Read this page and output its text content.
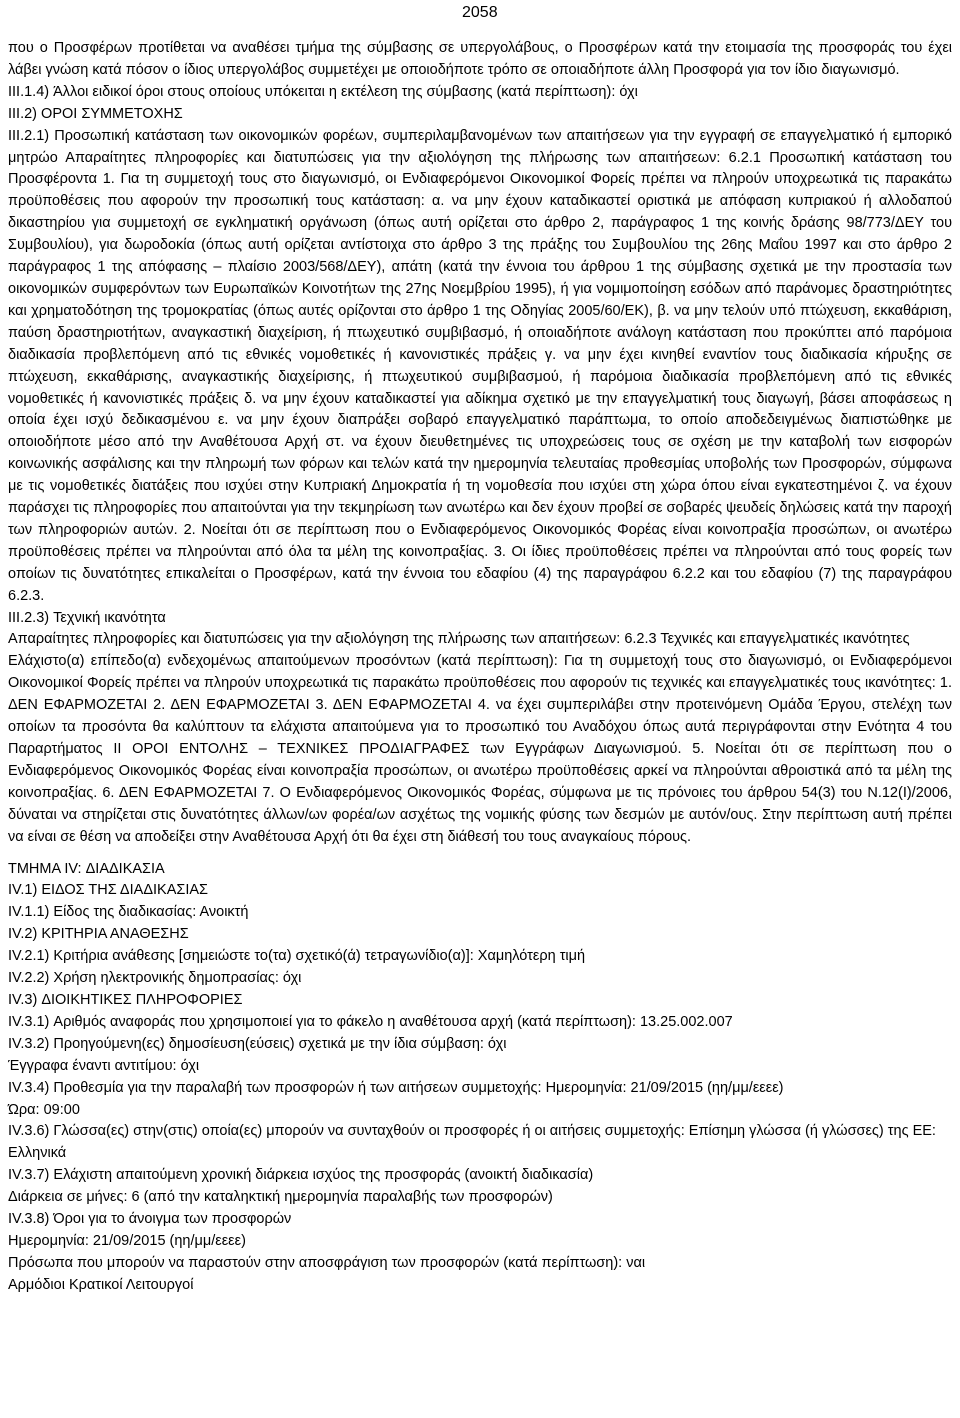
2058

που ο Προσφέρων προτίθεται να αναθέσει τμήμα της σύμβασης σε υπεργολάβους, ο Προσφέρων κατά την ετοιμασία της προσφοράς του έχει λάβει γνώση κατά πόσον ο ίδιος υπεργολάβος συμμετέχει με οποιοδήποτε τρόπο σε οποιαδήποτε άλλη Προσφορά για τον ίδιο διαγωνισμό.

III.1.4) Άλλοι ειδικοί όροι στους οποίους υπόκειται η εκτέλεση της σύμβασης (κατά περίπτωση): όχι

III.2) ΟΡΟΙ ΣΥΜΜΕΤΟΧΗΣ

III.2.1) Προσωπική κατάσταση των οικονομικών φορέων, συμπεριλαμβανομένων των απαιτήσεων για την εγγραφή σε επαγγελματικό ή εμπορικό μητρώο Απαραίτητες πληροφορίες και διατυπώσεις για την αξιολόγηση της πλήρωσης των απαιτήσεων: 6.2.1 Προσωπική κατάσταση του Προσφέροντα 1. Για τη συμμετοχή τους στο διαγωνισμό, οι Ενδιαφερόμενοι Οικονομικοί Φορείς πρέπει να πληρούν υποχρεωτικά τις παρακάτω προϋποθέσεις που αφορούν την προσωπική τους κατάσταση: α. να μην έχουν καταδικαστεί οριστικά με απόφαση κυπριακού ή αλλοδαπού δικαστηρίου για συμμετοχή σε εγκληματική οργάνωση (όπως αυτή ορίζεται στο άρθρο 2, παράγραφος 1 της κοινής δράσης 98/773/ΔΕΥ του Συμβουλίου), για δωροδοκία (όπως αυτή ορίζεται αντίστοιχα στο άρθρο 3 της πράξης του Συμβουλίου της 26ης Μαΐου 1997 και στο άρθρο 2 παράγραφος 1 της απόφασης – πλαίσιο 2003/568/ΔΕΥ), απάτη (κατά την έννοια του άρθρου 1 της σύμβασης σχετικά με την προστασία των οικονομικών συμφερόντων των Ευρωπαϊκών Κοινοτήτων της 27ης Νοεμβρίου 1995), ή για νομιμοποίηση εσόδων από παράνομες δραστηριότητες και χρηματοδότηση της τρομοκρατίας (όπως αυτές ορίζονται στο άρθρο 1 της Οδηγίας 2005/60/ΕΚ), β. να μην τελούν υπό πτώχευση, εκκαθάριση, παύση δραστηριοτήτων, αναγκαστική διαχείριση, ή πτωχευτικό συμβιβασμό, ή οποιαδήποτε ανάλογη κατάσταση που προκύπτει από παρόμοια διαδικασία προβλεπόμενη από τις εθνικές νομοθετικές ή κανονιστικές πράξεις γ. να μην έχει κινηθεί εναντίον τους διαδικασία κήρυξης σε πτώχευση, εκκαθάρισης, αναγκαστικής διαχείρισης, ή πτωχευτικού συμβιβασμού, ή παρόμοια διαδικασία προβλεπόμενη από τις εθνικές νομοθετικές ή κανονιστικές πράξεις δ. να μην έχουν καταδικαστεί για αδίκημα σχετικό με την επαγγελματική τους διαγωγή, βάσει αποφάσεως η οποία έχει ισχύ δεδικασμένου ε. να μην έχουν διαπράξει σοβαρό επαγγελματικό παράπτωμα, το οποίο αποδεδειγμένως διαπιστώθηκε με οποιοδήποτε μέσο από την Αναθέτουσα Αρχή στ. να έχουν διευθετημένες τις υποχρεώσεις τους σε σχέση με την καταβολή των εισφορών κοινωνικής ασφάλισης και την πληρωμή των φόρων και τελών κατά την ημερομηνία τελευταίας προθεσμίας υποβολής των Προσφορών, σύμφωνα με τις νομοθετικές διατάξεις που ισχύει στην Κυπριακή Δημοκρατία ή τη νομοθεσία που ισχύει στη χώρα όπου είναι εγκατεστημένοι ζ. να έχουν παράσχει τις πληροφορίες που απαιτούνται για την τεκμηρίωση των ανωτέρω και δεν έχουν προβεί σε σοβαρές ψευδείς δηλώσεις κατά την παροχή των πληροφοριών αυτών. 2. Νοείται ότι σε περίπτωση που ο Ενδιαφερόμενος Οικονομικός Φορέας είναι κοινοπραξία προσώπων, οι ανωτέρω προϋποθέσεις πρέπει να πληρούνται από όλα τα μέλη της κοινοπραξίας. 3. Οι ίδιες προϋποθέσεις πρέπει να πληρούνται από τους φορείς των οποίων τις δυνατότητες επικαλείται ο Προσφέρων, κατά την έννοια του εδαφίου (4) της παραγράφου 6.2.2 και του εδαφίου (7) της παραγράφου 6.2.3.

III.2.3) Τεχνική ικανότητα

Απαραίτητες πληροφορίες και διατυπώσεις για την αξιολόγηση της πλήρωσης των απαιτήσεων: 6.2.3 Τεχνικές και επαγγελματικές ικανότητες

Ελάχιστο(α) επίπεδο(α) ενδεχομένως απαιτούμενων προσόντων (κατά περίπτωση): Για τη συμμετοχή τους στο διαγωνισμό, οι Ενδιαφερόμενοι Οικονομικοί Φορείς πρέπει να πληρούν υποχρεωτικά τις παρακάτω προϋποθέσεις που αφορούν τις τεχνικές και επαγγελματικές τους ικανότητες: 1. ΔΕΝ ΕΦΑΡΜΟΖΕΤΑΙ 2. ΔΕΝ ΕΦΑΡΜΟΖΕΤΑΙ 3. ΔΕΝ ΕΦΑΡΜΟΖΕΤΑΙ 4. να έχει συμπεριλάβει στην προτεινόμενη Ομάδα Έργου, στελέχη των οποίων τα προσόντα θα καλύπτουν τα ελάχιστα απαιτούμενα για το προσωπικό του Αναδόχου όπως αυτά περιγράφονται στην Ενότητα 4 του Παραρτήματος ΙΙ ΟΡΟΙ ΕΝΤΟΛΗΣ – ΤΕΧΝΙΚΕΣ ΠΡΟΔΙΑΓΡΑΦΕΣ των Εγγράφων Διαγωνισμού. 5. Νοείται ότι σε περίπτωση που ο Ενδιαφερόμενος Οικονομικός Φορέας είναι κοινοπραξία προσώπων, οι ανωτέρω προϋποθέσεις αρκεί να πληρούνται αθροιστικά από τα μέλη της κοινοπραξίας. 6. ΔΕΝ ΕΦΑΡΜΟΖΕΤΑΙ 7. Ο Ενδιαφερόμενος Οικονομικός Φορέας, σύμφωνα με τις πρόνοιες του άρθρου 54(3) του Ν.12(Ι)/2006, δύναται να στηρίζεται στις δυνατότητες άλλων/ων φορέα/ων ασχέτως της νομικής φύσης των δεσμών με αυτόν/ους. Στην περίπτωση αυτή πρέπει να είναι σε θέση να αποδείξει στην Αναθέτουσα Αρχή ότι θα έχει στη διάθεσή του τους αναγκαίους πόρους.

ΤΜΗΜΑ IV: ΔΙΑΔΙΚΑΣΙΑ

IV.1) ΕΙΔΟΣ ΤΗΣ ΔΙΑΔΙΚΑΣΙΑΣ

IV.1.1) Είδος της διαδικασίας: Ανοικτή

IV.2) ΚΡΙΤΗΡΙΑ ΑΝΑΘΕΣΗΣ

IV.2.1) Κριτήρια ανάθεσης [σημειώστε το(τα) σχετικό(ά) τετραγωνίδιο(α)]: Χαμηλότερη τιμή

IV.2.2) Χρήση ηλεκτρονικής δημοπρασίας: όχι

IV.3) ΔΙΟΙΚΗΤΙΚΕΣ ΠΛΗΡΟΦΟΡΙΕΣ

IV.3.1) Αριθμός αναφοράς που χρησιμοποιεί για το φάκελο η αναθέτουσα αρχή (κατά περίπτωση): 13.25.002.007

IV.3.2) Προηγούμενη(ες) δημοσίευση(εύσεις) σχετικά με την ίδια σύμβαση: όχι

Έγγραφα έναντι αντιτίμου: όχι

IV.3.4) Προθεσμία για την παραλαβή των προσφορών ή των αιτήσεων συμμετοχής: Ημερομηνία: 21/09/2015 (ηη/μμ/εεεε)

Ώρα: 09:00

IV.3.6) Γλώσσα(ες) στην(στις) οποία(ες) μπορούν να συνταχθούν οι προσφορές ή οι αιτήσεις συμμετοχής: Επίσημη γλώσσα (ή γλώσσες) της ΕΕ:

Ελληνικά

IV.3.7) Ελάχιστη απαιτούμενη χρονική διάρκεια ισχύος της προσφοράς (ανοικτή διαδικασία)

Διάρκεια σε μήνες: 6 (από την καταληκτική ημερομηνία παραλαβής των προσφορών)

IV.3.8) Όροι για το άνοιγμα των προσφορών

Ημερομηνία: 21/09/2015 (ηη/μμ/εεεε)

Πρόσωπα που μπορούν να παραστούν στην αποσφράγιση των προσφορών (κατά περίπτωση): ναι

Αρμόδιοι Κρατικοί Λειτουργοί
